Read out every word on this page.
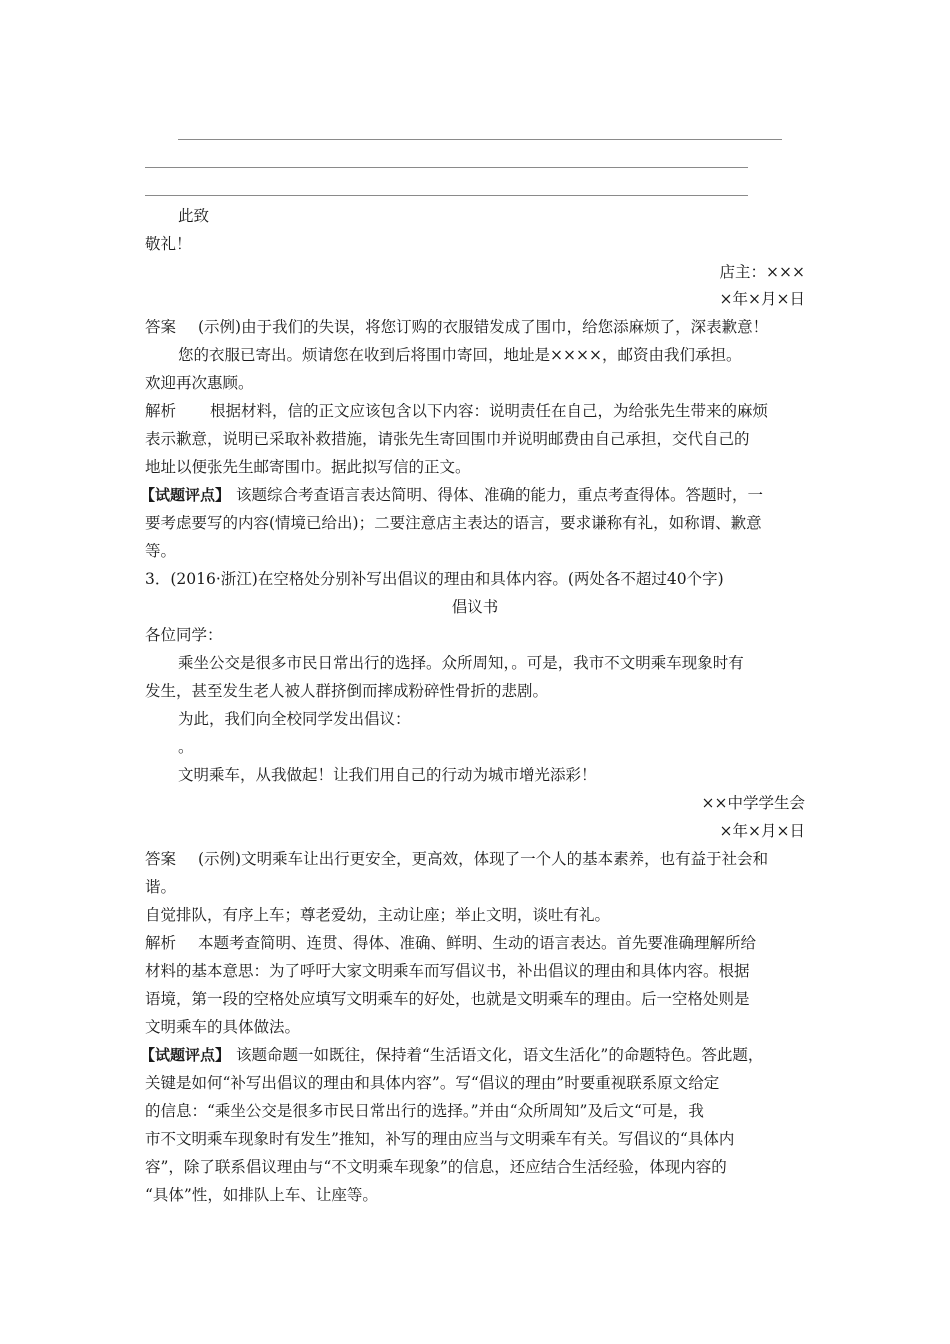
此致
敬礼！
店主：×××
×年×月×日
答案 (示例)由于我们的失误，将您订购的衣服错发成了围巾，给您添麻烦了，深表歉意！
您的衣服已寄出。烦请您在收到后将围巾寄回，地址是××××，邮资由我们承担。
欢迎再次惠顾。
解析 根据材料，信的正文应该包含以下内容：说明责任在自己，为给张先生带来的麻烦
表示歉意，说明已采取补救措施，请张先生寄回围巾并说明邮费由自己承担，交代自己的
地址以便张先生邮寄围巾。据此拟写信的正文。
【试题评点】 该题综合考查语言表达简明、得体、准确的能力，重点考查得体。答题时，一
要考虑要写的内容(情境已给出)；二要注意店主表达的语言，要求谦称有礼，如称谓、歉意
等。
3．(2016·浙江)在空格处分别补写出倡议的理由和具体内容。(两处各不超过40个字)
倡议书
各位同学：
乘坐公交是很多市民日常出行的选择。众所周知，。可是，我市不文明乘车现象时有
发生，甚至发生老人被人群挤倒而摔成粉碎性骨折的悲剧。
为此，我们向全校同学发出倡议：
。
文明乘车，从我做起！让我们用自己的行动为城市增光添彩！
××中学学生会
×年×月×日
答案 (示例)文明乘车让出行更安全，更高效，体现了一个人的基本素养，也有益于社会和
谐。
自觉排队，有序上车；尊老爱幼，主动让座；举止文明，谈吐有礼。
解析 本题考查简明、连贯、得体、准确、鲜明、生动的语言表达。首先要准确理解所给
材料的基本意思：为了呼吁大家文明乘车而写倡议书，补出倡议的理由和具体内容。根据
语境，第一段的空格处应填写文明乘车的好处，也就是文明乘车的理由。后一空格处则是
文明乘车的具体做法。
【试题评点】 该题命题一如既往，保持着“生活语文化，语文生活化”的命题特色。答此题，
关键是如何“补写出倡议的理由和具体内容”。写“倡议的理由”时要重视联系原文给定
的信息：“乘坐公交是很多市民日常出行的选择。”并由“众所周知”及后文“可是，我
市不文明乘车现象时有发生”推知，补写的理由应当与文明乘车有关。写倡议的“具体内
容”，除了联系倡议理由与“不文明乘车现象”的信息，还应结合生活经验，体现内容的
“具体”性，如排队上车、让座等。
